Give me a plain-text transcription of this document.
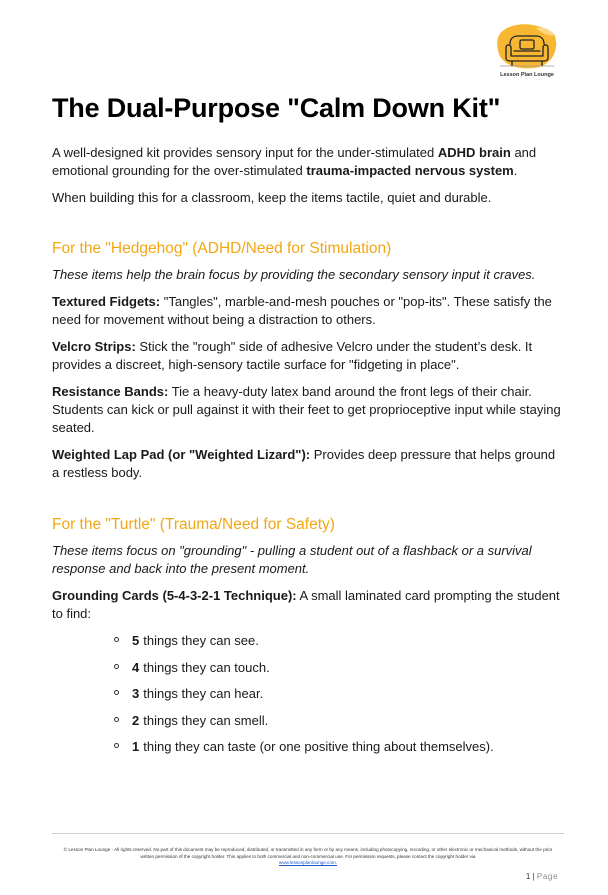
Lesson Plan Lounge
The Dual-Purpose "Calm Down Kit"

A well-designed kit provides sensory input for the under-stimulated ADHD brain and emotional grounding for the over-stimulated trauma-impacted nervous system.

When building this for a classroom, keep the items tactile, quiet and durable.

For the "Hedgehog" (ADHD/Need for Stimulation)

These items help the brain focus by providing the secondary sensory input it craves.

Textured Fidgets: "Tangles", marble-and-mesh pouches or "pop-its". These satisfy the need for movement without being a distraction to others.

Velcro Strips: Stick the "rough" side of adhesive Velcro under the student’s desk. It provides a discreet, high-sensory tactile surface for "fidgeting in place".

Resistance Bands: Tie a heavy-duty latex band around the front legs of their chair. Students can kick or pull against it with their feet to get proprioceptive input while staying seated.

Weighted Lap Pad (or "Weighted Lizard"): Provides deep pressure that helps ground a restless body.

For the "Turtle" (Trauma/Need for Safety)

These items focus on "grounding" - pulling a student out of a flashback or a survival response and back into the present moment.

Grounding Cards (5-4-3-2-1 Technique): A small laminated card prompting the student to find:

5 things they can see.
4 things they can touch.
3 things they can hear.
2 things they can smell.
1 thing they can taste (or one positive thing about themselves).
© Lesson Plan Lounge - All rights reserved. No part of this document may be reproduced, distributed, or transmitted in any form or by any means, including photocopying, recording, or other electronic or mechanical methods, without the prior written permission of the copyright holder. This applies to both commercial and non-commercial use. For permission requests, please contact the copyright holder via
www.lessonplanlounge.com.
1 | Page
